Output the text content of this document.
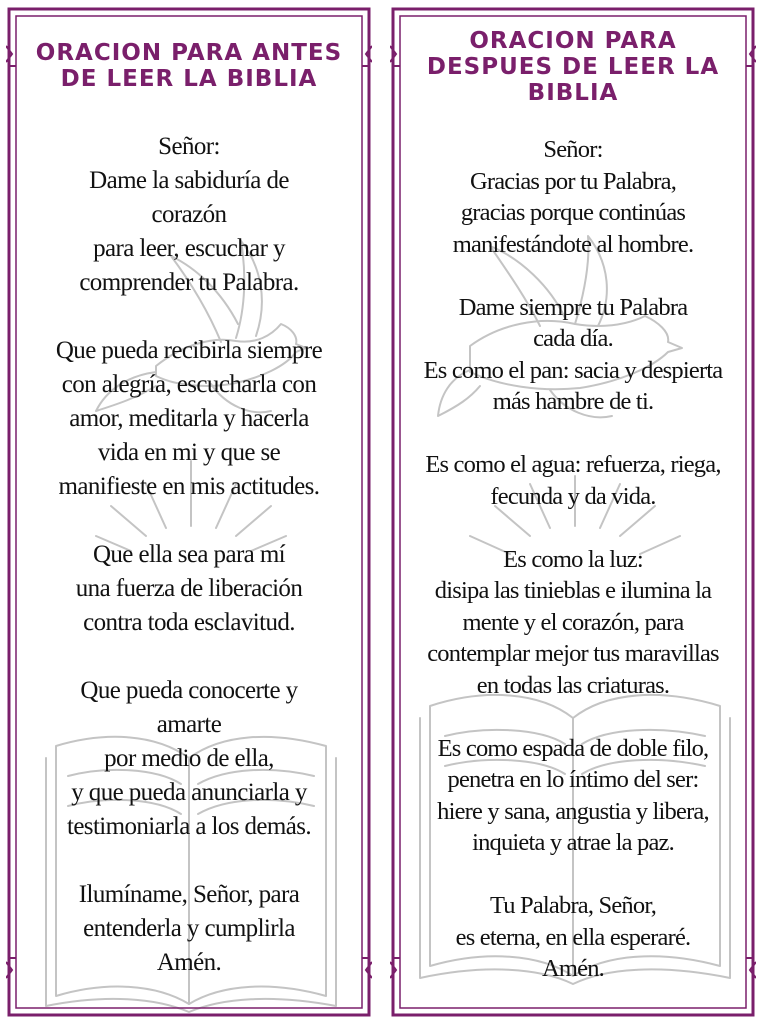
ORACION PARA ANTES
DE LEER LA BIBLIA
Señor:
Dame la sabiduría de
corazón
para leer, escuchar y
comprender tu Palabra.
Que pueda recibirla siempre
con alegría, escucharla con
amor, meditarla y hacerla
vida en mi y que se
manifieste en mis actitudes.
Que ella sea para mí
una fuerza de liberación
contra toda esclavitud.
Que pueda conocerte y
amarte
por medio de ella,
y que pueda anunciarla y
testimoniarla a los demás.
Ilumíname, Señor, para
entenderla y cumplirla
Amén.
ORACION PARA
DESPUES DE LEER LA
BIBLIA
Señor:
Gracias por tu Palabra,
gracias porque continúas
manifestándote al hombre.
Dame siempre tu Palabra
cada día.
Es como el pan: sacia y despierta
más hambre de ti.
Es como el agua: refuerza, riega,
fecunda y da vida.
Es como la luz:
disipa las tinieblas e ilumina la
mente y el corazón, para
contemplar mejor tus maravillas
en todas las criaturas.
Es como espada de doble filo,
penetra en lo íntimo del ser:
hiere y sana, angustia y libera,
inquieta y atrae la paz.
Tu Palabra, Señor,
es eterna, en ella esperaré.
Amén.
